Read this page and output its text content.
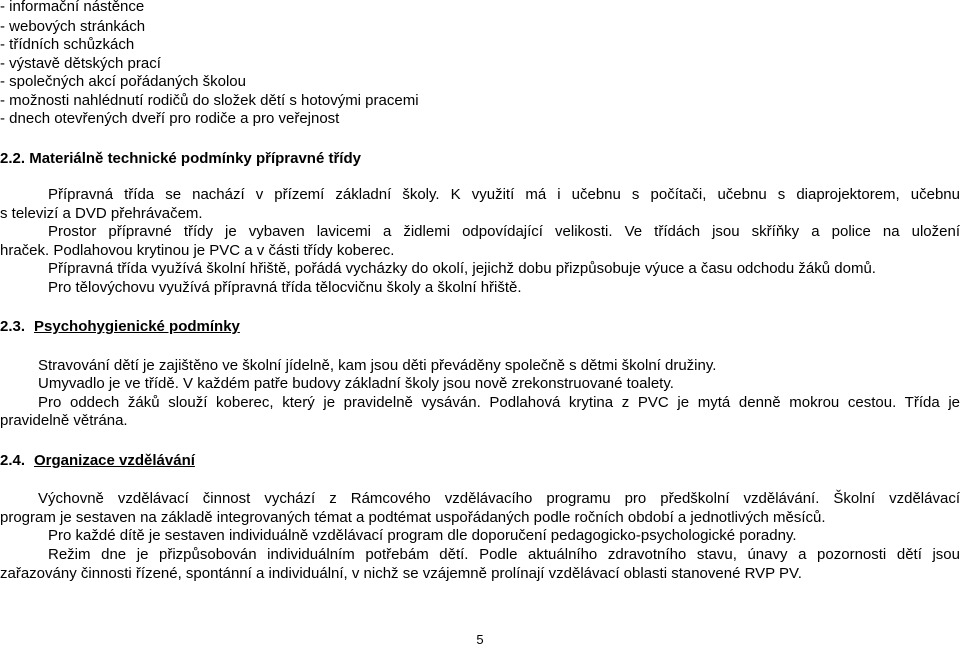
- informační nástěnce
- webových stránkách
- třídních schůzkách
- výstavě dětských prací
- společných akcí pořádaných školou
- možnosti nahlédnutí rodičů do složek dětí s hotovými pracemi
- dnech otevřených dveří pro rodiče a pro veřejnost
2.2. Materiálně technické podmínky přípravné třídy
Přípravná třída se nachází v přízemí základní školy. K využití má i učebnu s počítači, učebnu s diaprojektorem, učebnu
s televizí a DVD přehrávačem.
Prostor přípravné třídy je vybaven lavicemi a židlemi odpovídající velikosti. Ve třídách jsou skříňky a police na uložení
hraček. Podlahovou krytinou je PVC a v části třídy koberec.
Přípravná třída využívá školní hřiště, pořádá vycházky do okolí, jejichž dobu přizpůsobuje výuce a času odchodu žáků domů.
Pro tělovýchovu využívá přípravná třída tělocvičnu školy a školní hřiště.
2.3. Psychohygienické podmínky
Stravování dětí je zajištěno ve školní jídelně, kam jsou děti převáděny společně s dětmi školní družiny.
Umyvadlo je ve třídě. V každém patře budovy základní školy jsou nově zrekonstruované toalety.
Pro oddech žáků slouží koberec, který je pravidelně vysáván. Podlahová krytina z PVC je mytá denně mokrou cestou. Třída je
pravidelně větrána.
2.4. Organizace vzdělávání
Výchovně vzdělávací činnost vychází z Rámcového vzdělávacího programu pro předškolní vzdělávání. Školní vzdělávací
program je sestaven na základě integrovaných témat a podtémat uspořádaných podle ročních období a jednotlivých měsíců.
Pro každé dítě je sestaven individuálně vzdělávací program dle doporučení pedagogicko-psychologické poradny.
Režim dne je přizpůsobován individuálním potřebám dětí. Podle aktuálního zdravotního stavu, únavy a pozornosti dětí jsou
zařazovány činnosti řízené, spontánní a individuální, v nichž se vzájemně prolínají vzdělávací oblasti stanovené RVP PV.
5
